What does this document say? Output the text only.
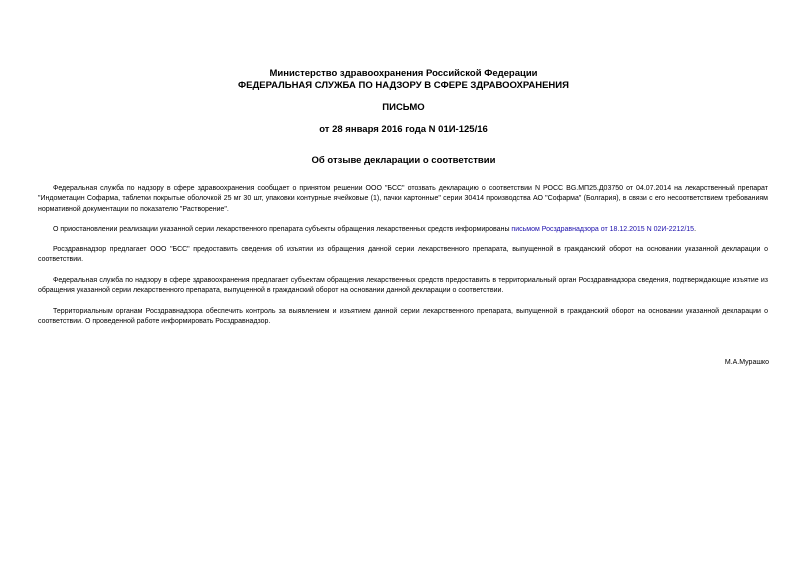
Министерство здравоохранения Российской Федерации
ФЕДЕРАЛЬНАЯ СЛУЖБА ПО НАДЗОРУ В СФЕРЕ ЗДРАВООХРАНЕНИЯ
ПИСЬМО
от 28 января 2016 года N 01И-125/16
Об отзыве декларации о соответствии
Федеральная служба по надзору в сфере здравоохранения сообщает о принятом решении ООО "БСС" отозвать декларацию о соответствии N РОСС BG.МП25.Д03750 от 04.07.2014 на лекарственный препарат "Индометацин Софарма, таблетки покрытые оболочкой 25 мг 30 шт, упаковки контурные ячейковые (1), пачки картонные" серии 30414 производства АО "Софарма" (Болгария), в связи с его несоответствием требованиям нормативной документации по показателю "Растворение".
О приостановлении реализации указанной серии лекарственного препарата субъекты обращения лекарственных средств информированы письмом Росздравнадзора от 18.12.2015 N 02И-2212/15.
Росздравнадзор предлагает ООО "БСС" предоставить сведения об изъятии из обращения данной серии лекарственного препарата, выпущенной в гражданский оборот на основании указанной декларации о соответствии.
Федеральная служба по надзору в сфере здравоохранения предлагает субъектам обращения лекарственных средств предоставить в территориальный орган Росздравнадзора сведения, подтверждающие изъятие из обращения указанной серии лекарственного препарата, выпущенной в гражданский оборот на основании данной декларации о соответствии.
Территориальным органам Росздравнадзора обеспечить контроль за выявлением и изъятием данной серии лекарственного препарата, выпущенной в гражданский оборот на основании указанной декларации о соответствии. О проведенной работе информировать Росздравнадзор.
М.А.Мурашко
